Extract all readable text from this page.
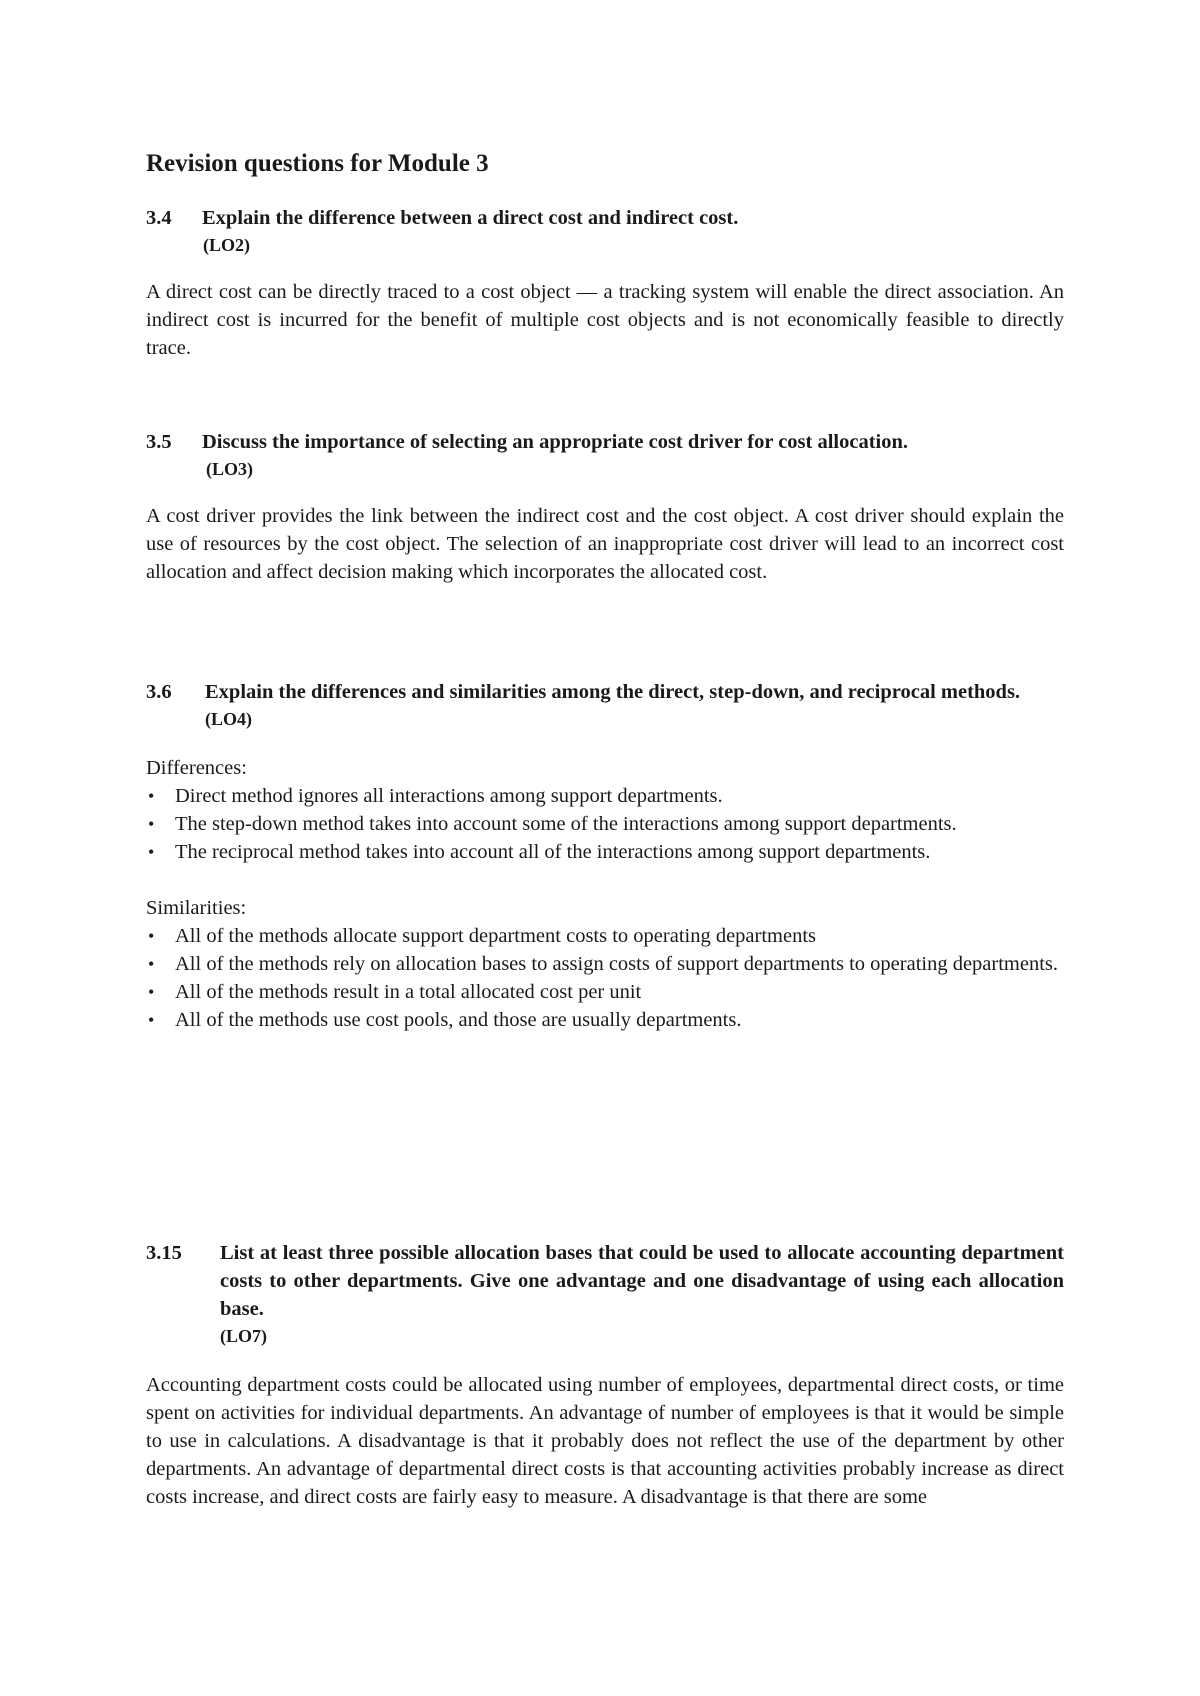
Revision questions for Module 3
3.4	Explain the difference between a direct cost and indirect cost.
(LO2)

A direct cost can be directly traced to a cost object — a tracking system will enable the direct association. An indirect cost is incurred for the benefit of multiple cost objects and is not economically feasible to directly trace.

3.5	Discuss the importance of selecting an appropriate cost driver for cost allocation.
(LO3)

A cost driver provides the link between the indirect cost and the cost object. A cost driver should explain the use of resources by the cost object. The selection of an inappropriate cost driver will lead to an incorrect cost allocation and affect decision making which incorporates the allocated cost.

3.6	Explain the differences and similarities among the direct, step-down, and reciprocal methods.
(LO4)

Differences:

• Direct method ignores all interactions among support departments.
• The step-down method takes into account some of the interactions among support departments.
• The reciprocal method takes into account all of the interactions among support departments.

Similarities:

• All of the methods allocate support department costs to operating departments
• All of the methods rely on allocation bases to assign costs of support departments to operating departments.
• All of the methods result in a total allocated cost per unit
• All of the methods use cost pools, and those are usually departments.
3.15	List at least three possible allocation bases that could be used to allocate accounting department costs to other departments. Give one advantage and one disadvantage of using each allocation base.
(LO7)

Accounting department costs could be allocated using number of employees, departmental direct costs, or time spent on activities for individual departments. An advantage of number of employees is that it would be simple to use in calculations. A disadvantage is that it probably does not reflect the use of the department by other departments. An advantage of departmental direct costs is that accounting activities probably increase as direct costs increase, and direct costs are fairly easy to measure. A disadvantage is that there are some
